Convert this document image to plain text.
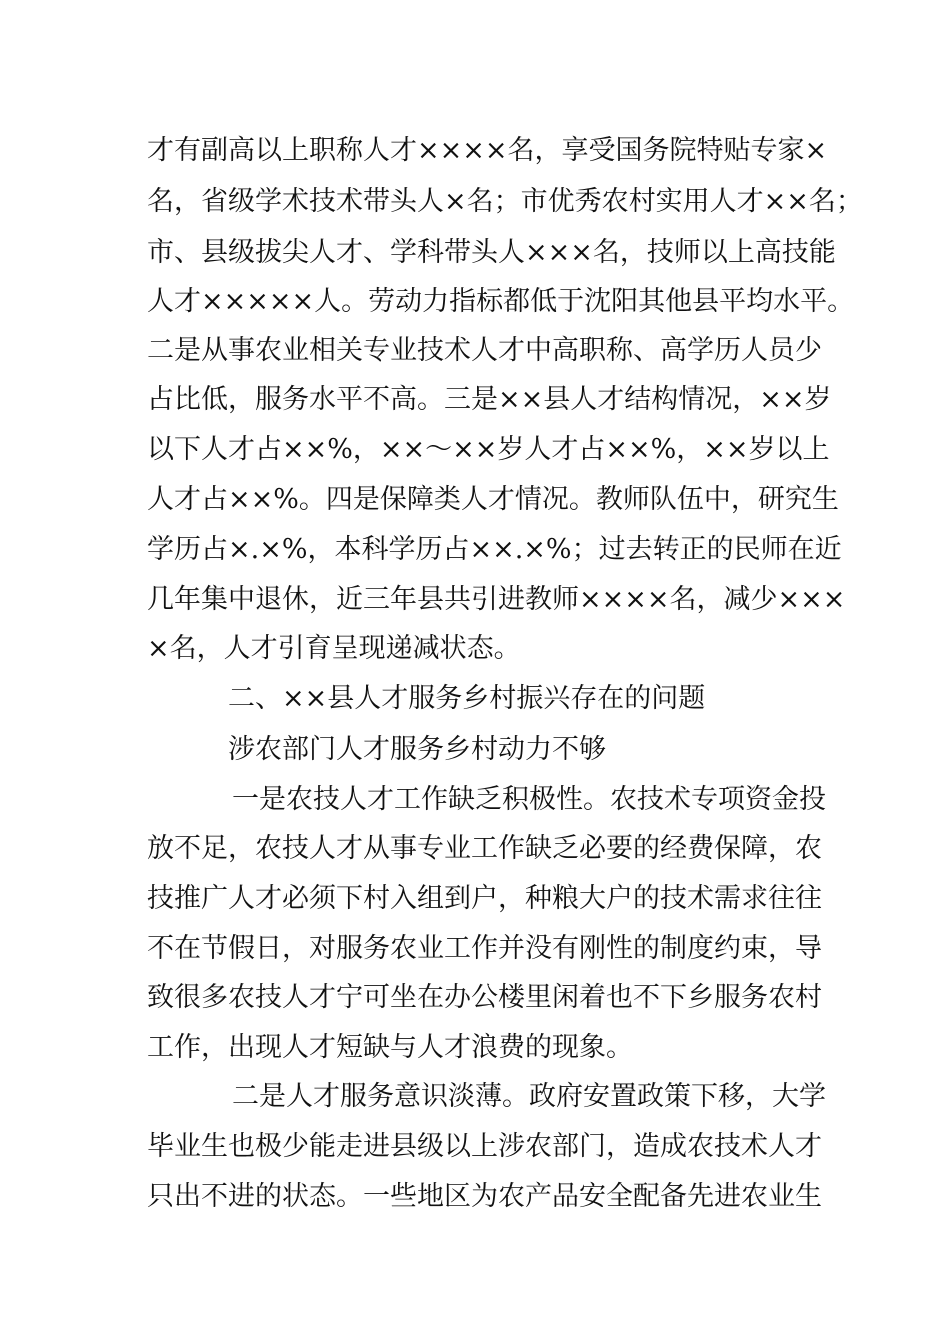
才有副高以上职称人才××××名，享受国务院特贴专家×
名，省级学术技术带头人×名；市优秀农村实用人才××名；
市、县级拔尖人才、学科带头人×××名，技师以上高技能
人才×××××人。劳动力指标都低于沈阳其他县平均水平。
二是从事农业相关专业技术人才中高职称、高学历人员少
占比低，服务水平不高。三是××县人才结构情况，××岁
以下人才占××%，××～××岁人才占××%，××岁以上
人才占××%。四是保障类人才情况。教师队伍中，研究生
学历占×.×%，本科学历占××.×%；过去转正的民师在近
几年集中退休，近三年县共引进教师××××名，减少×××
×名，人才引育呈现递减状态。
二、××县人才服务乡村振兴存在的问题
涉农部门人才服务乡村动力不够
一是农技人才工作缺乏积极性。农技术专项资金投
放不足，农技人才从事专业工作缺乏必要的经费保障，农
技推广人才必须下村入组到户，种粮大户的技术需求往往
不在节假日，对服务农业工作并没有刚性的制度约束，导
致很多农技人才宁可坐在办公楼里闲着也不下乡服务农村
工作，出现人才短缺与人才浪费的现象。
二是人才服务意识淡薄。政府安置政策下移，大学
毕业生也极少能走进县级以上涉农部门，造成农技术人才
只出不进的状态。一些地区为农产品安全配备先进农业生
